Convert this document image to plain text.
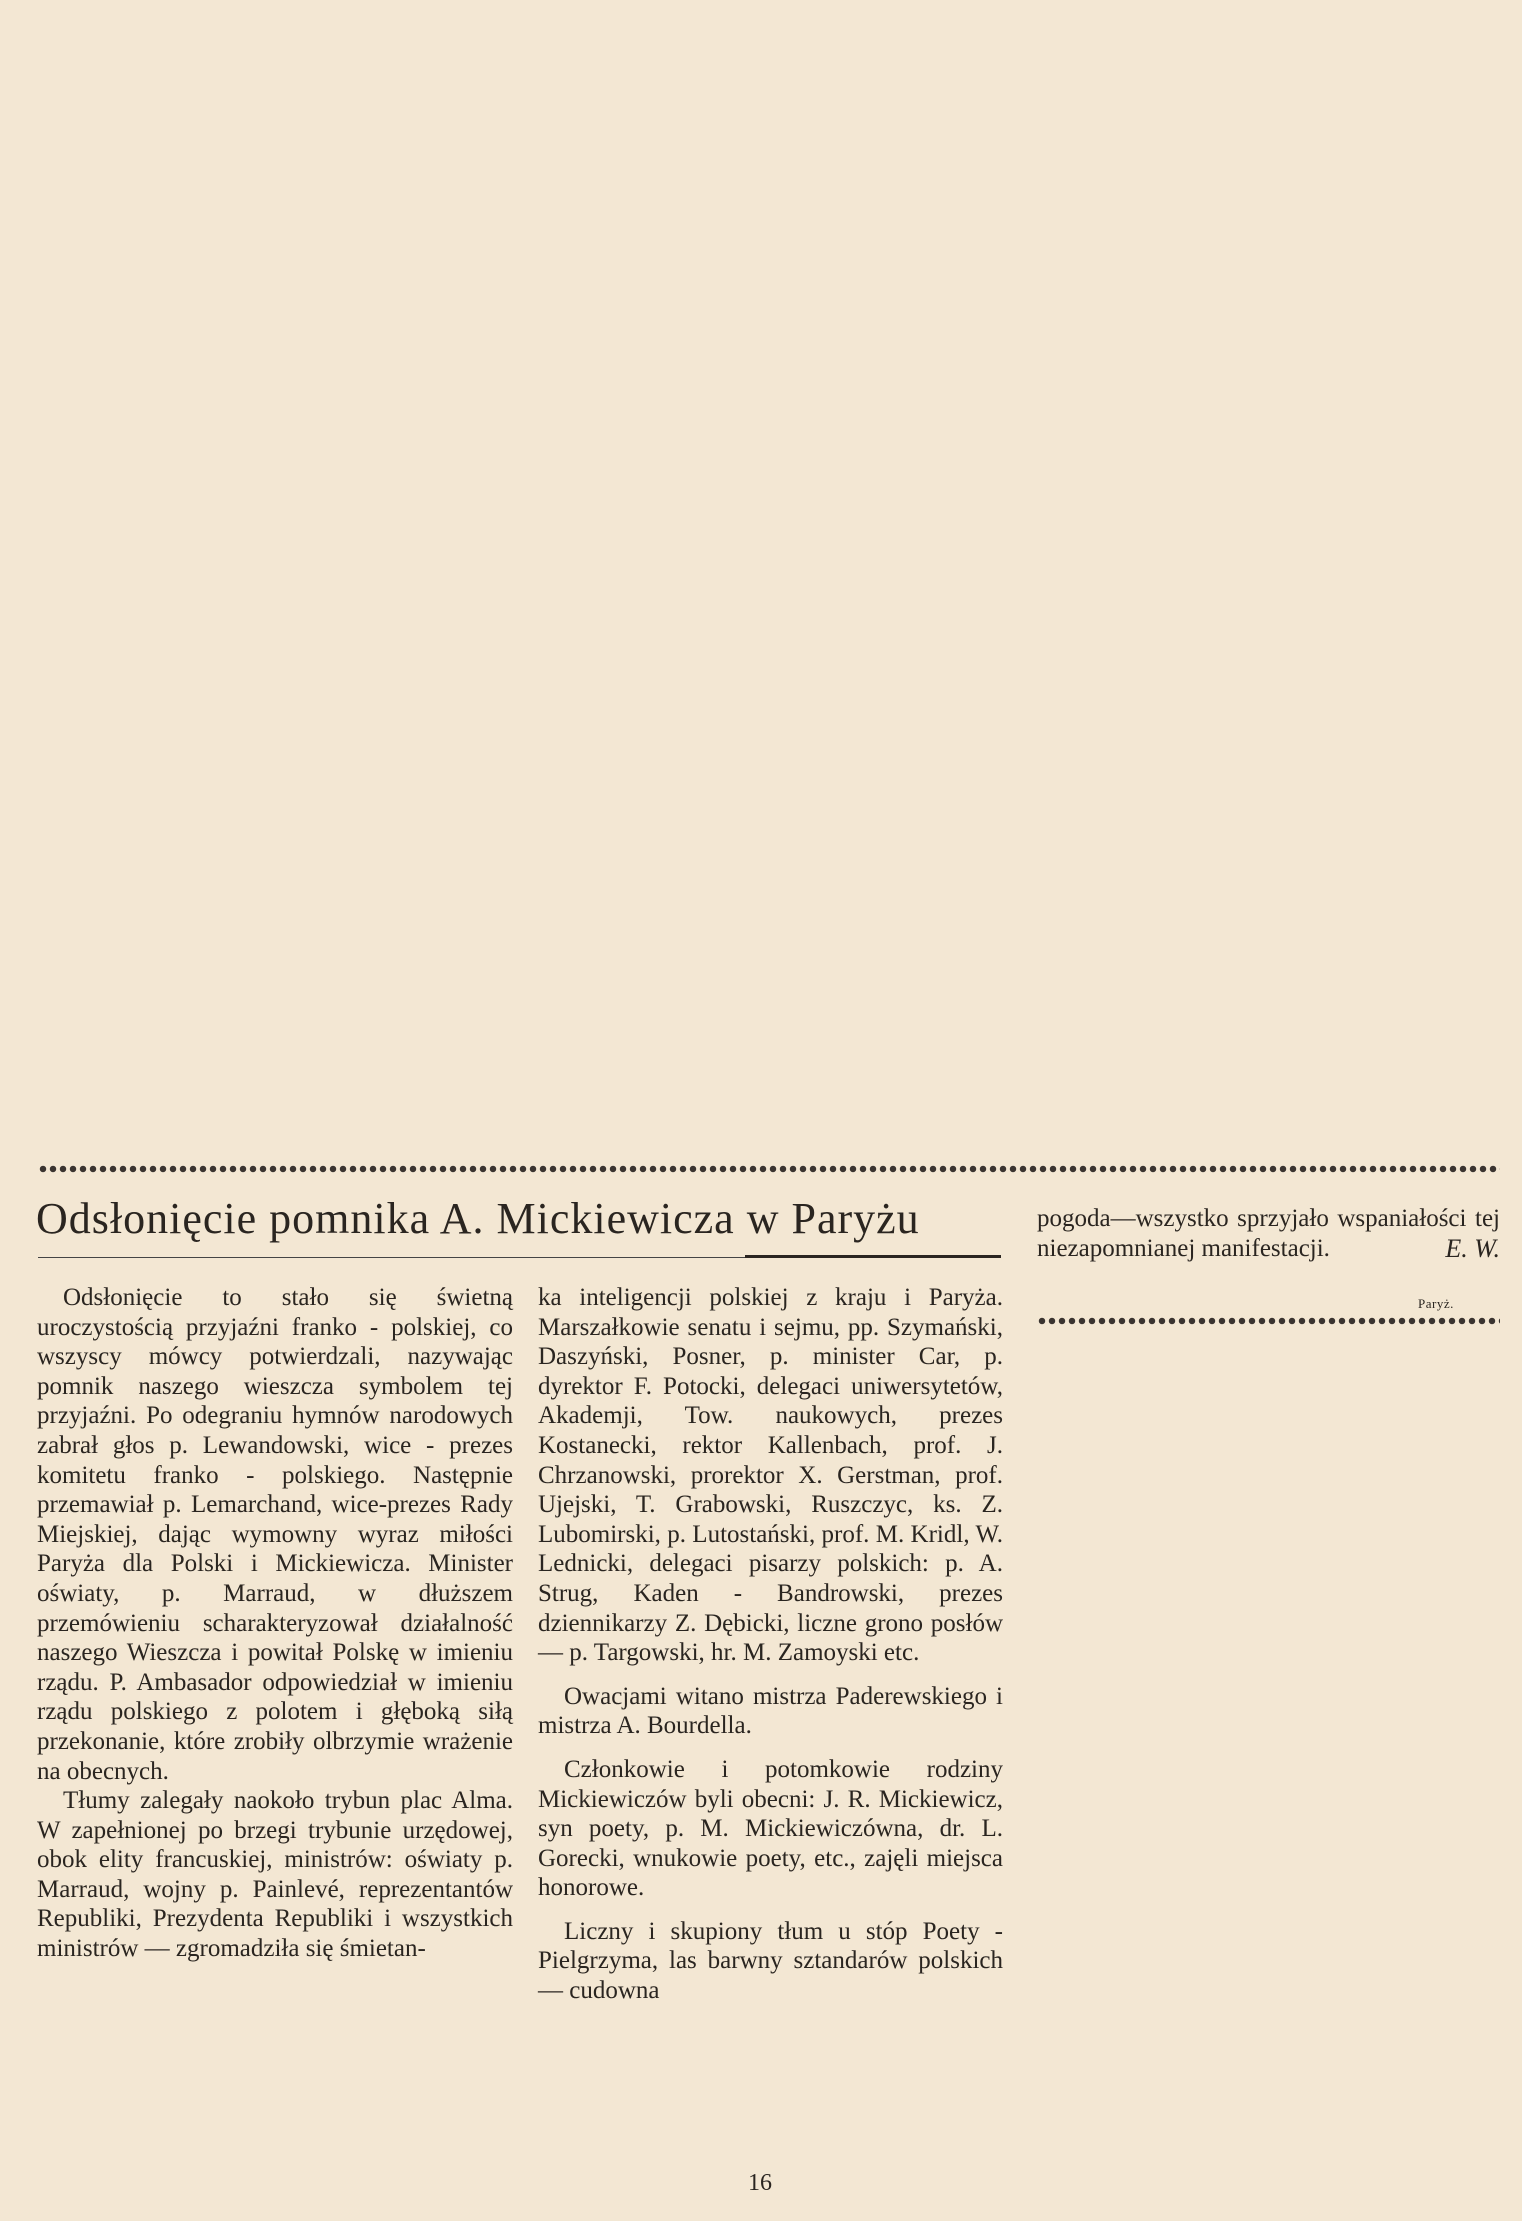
Odsłonięcie pomnika A. Mickiewicza w Paryżu

Odsłonięcie to stało się świetną uroczystością przyjaźni franko - polskiej, co wszyscy mówcy potwierdzali, nazywając pomnik naszego wieszcza symbolem tej przyjaźni. Po odegraniu hymnów narodowych zabrał głos p. Lewandowski, wice - prezes komitetu franko - polskiego. Następnie przemawiał p. Lemarchand, wice-prezes Rady Miejskiej, dając wymowny wyraz miłości Paryża dla Polski i Mickiewicza. Minister oświaty, p. Marraud, w dłuższem przemówieniu scharakteryzował działalność naszego Wieszcza i powitał Polskę w imieniu rządu. P. Ambasador odpowiedział w imieniu rządu polskiego z polotem i głęboką siłą przekonanie, które zrobiły olbrzymie wrażenie na obecnych.

Tłumy zalegały naokoło trybun plac Alma. W zapełnionej po brzegi trybunie urzędowej, obok elity francuskiej, ministrów: oświaty p. Marraud, wojny p. Painlevé, reprezentantów Republiki, Prezydenta Republiki i wszystkich ministrów — zgromadziła się śmietan-

ka inteligencji polskiej z kraju i Paryża. Marszałkowie senatu i sejmu, pp. Szymański, Daszyński, Posner, p. minister Car, p. dyrektor F. Potocki, delegaci uniwersytetów, Akademji, Tow. naukowych, prezes Kostanecki, rektor Kallenbach, prof. J. Chrzanowski, prorektor X. Gerstman, prof. Ujejski, T. Grabowski, Ruszczyc, ks. Z. Lubomirski, p. Lutostański, prof. M. Kridl, W. Lednicki, delegaci pisarzy polskich: p. A. Strug, Kaden - Bandrowski, prezes dziennikarzy Z. Dębicki, liczne grono posłów — p. Targowski, hr. M. Zamoyski etc.

Owacjami witano mistrza Paderewskiego i mistrza A. Bourdella.

Członkowie i potomkowie rodziny Mickiewiczów byli obecni: J. R. Mickiewicz, syn poety, p. M. Mickiewiczówna, dr. L. Gorecki, wnukowie poety, etc., zajęli miejsca honorowe.

Liczny i skupiony tłum u stóp Poety - Pielgrzyma, las barwny sztandarów polskich — cudowna

pogoda—wszystko sprzyjało wspaniałości tej niezapomnianej manifestacji.	E. W.
Paryż.
16
